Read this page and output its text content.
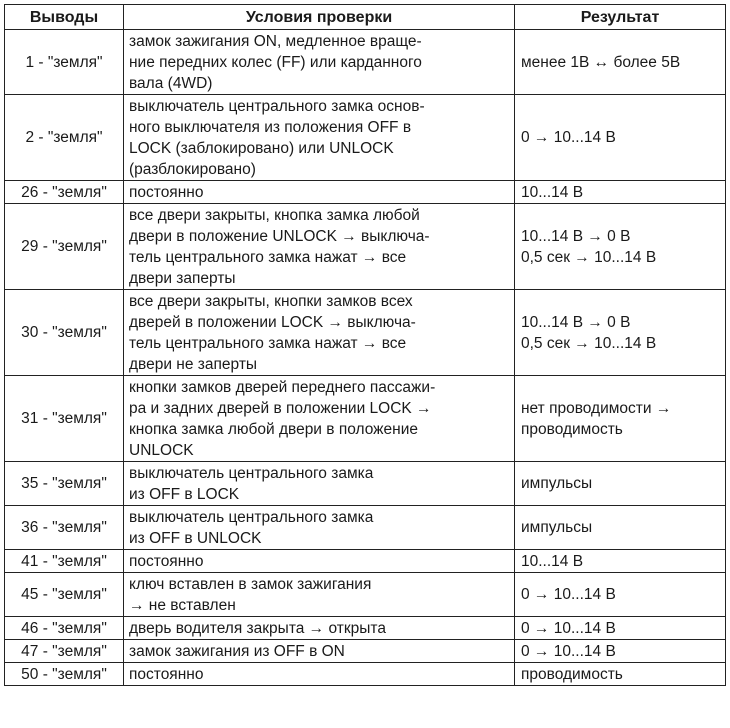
Выводы	Условия проверки	Результат
1 - "земля"	замок зажигания ON, медленное враще-
ние передних колес (FF) или карданного
вала (4WD)	менее 1В ↔ более 5В

2 - "земля"	выключатель центрального замка основ-
ного выключателя из положения OFF в
LOCK (заблокировано) или UNLOCK
(разблокировано)	0 → 10...14 В

26 - "земля"	постоянно	10...14 В

29 - "земля"	все двери закрыты, кнопка замка любой
двери в положение UNLOCK → выключа-
тель центрального замка нажат → все
двери заперты	10...14 В → 0 В
0,5 сек → 10...14 В

30 - "земля"	все двери закрыты, кнопки замков всех
дверей в положении LOCK → выключа-
тель центрального замка нажат → все
двери не заперты	10...14 В → 0 В
0,5 сек → 10...14 В

31 - "земля"	кнопки замков дверей переднего пассажи-
ра и задних дверей в положении LOCK →
кнопка замка любой двери в положение
UNLOCK	нет проводимости →
проводимость

35 - "земля"	выключатель центрального замка
из OFF в LOCK	импульсы

36 - "земля"	выключатель центрального замка
из OFF в UNLOCK	импульсы

41 - "земля"	постоянно	10...14 В

45 - "земля"	ключ вставлен в замок зажигания
→ не вставлен	0 → 10...14 В

46 - "земля"	дверь водителя закрыта → открыта	0 → 10...14 В

47 - "земля"	замок зажигания из OFF в ON	0 → 10...14 В

50 - "земля"	постоянно	проводимость
